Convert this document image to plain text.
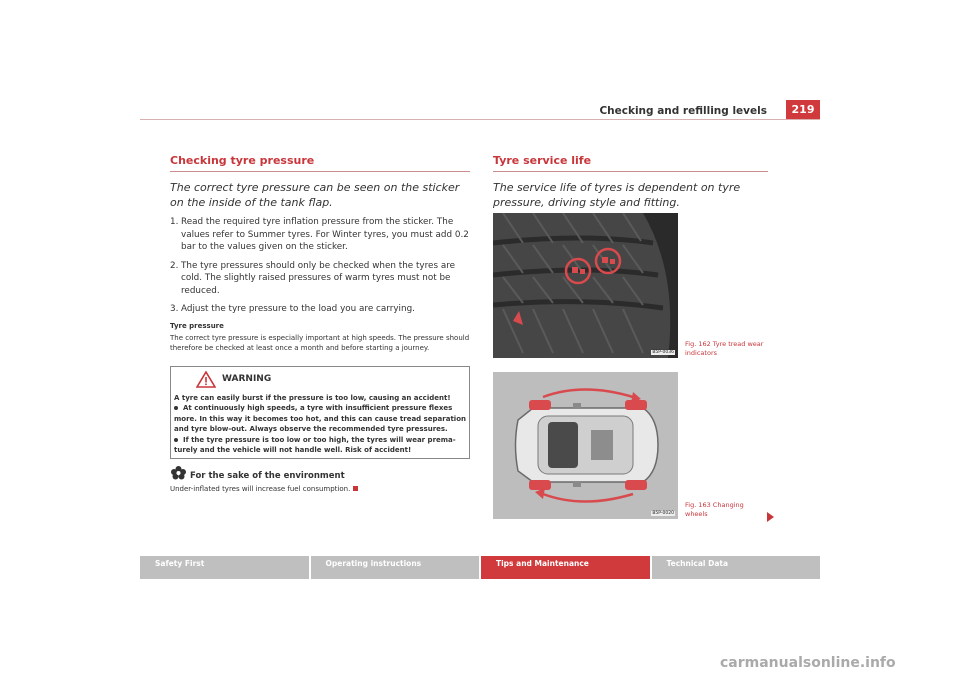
Checking and refilling levels	219
Checking tyre pressure
The correct tyre pressure can be seen on the sticker on the inside of the tank flap.
1. Read the required tyre inflation pressure from the sticker. The values refer to Summer tyres. For Winter tyres, you must add 0.2 bar to the values given on the sticker.
2. The tyre pressures should only be checked when the tyres are cold. The slightly raised pressures of warm tyres must not be reduced.
3. Adjust the tyre pressure to the load you are carrying.
Tyre pressure
The correct tyre pressure is especially important at high speeds. The pressure should therefore be checked at least once a month and before starting a journey.
WARNING
A tyre can easily burst if the pressure is too low, causing an accident!
At continuously high speeds, a tyre with insufficient pressure flexes more. In this way it becomes too hot, and this can cause tread separation and tyre blow-out. Always observe the recommended tyre pressures.
If the tyre pressure is too low or too high, the tyres will wear prema-turely and the vehicle will not handle well. Risk of accident!
For the sake of the environment
Under-inflated tyres will increase fuel consumption.
Tyre service life
The service life of tyres is dependent on tyre pressure, driving style and fitting.
B5P-0036
Fig. 162 Tyre tread wear indicators
B5P-0020
Fig. 163 Changing wheels
Safety First	Operating instructions	Tips and Maintenance	Technical Data
carmanualsonline.info
